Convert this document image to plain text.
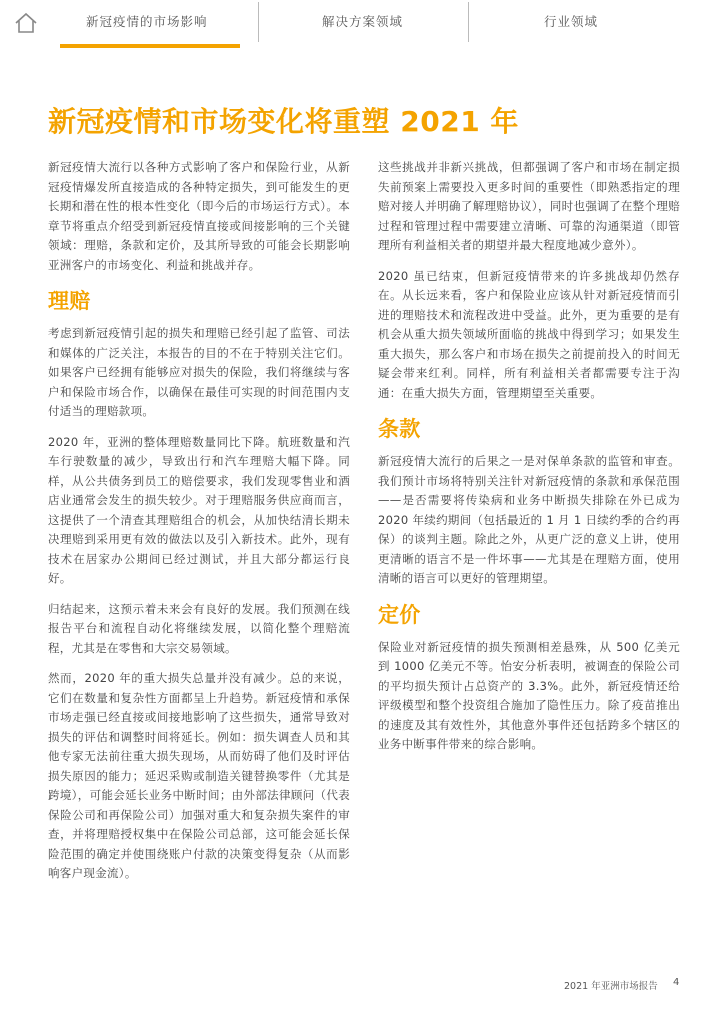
新冠疫情的市场影响	解决方案领域	行业领域
新冠疫情和市场变化将重塑 2021 年

新冠疫情大流行以各种方式影响了客户和保险行业，从新冠疫情爆发所直接造成的各种特定损失，到可能发生的更长期和潜在性的根本性变化（即今后的市场运行方式）。本章节将重点介绍受到新冠疫情直接或间接影响的三个关键领域：理赔，条款和定价，及其所导致的可能会长期影响亚洲客户的市场变化、利益和挑战并存。

理赔

考虑到新冠疫情引起的损失和理赔已经引起了监管、司法和媒体的广泛关注，本报告的目的不在于特别关注它们。如果客户已经拥有能够应对损失的保险，我们将继续与客户和保险市场合作，以确保在最佳可实现的时间范围内支付适当的理赔款项。

2020 年，亚洲的整体理赔数量同比下降。航班数量和汽车行驶数量的减少，导致出行和汽车理赔大幅下降。同样，从公共债务到员工的赔偿要求，我们发现零售业和酒店业通常会发生的损失较少。对于理赔服务供应商而言，这提供了一个清查其理赔组合的机会，从加快结清长期未决理赔到采用更有效的做法以及引入新技术。此外，现有技术在居家办公期间已经过测试，并且大部分都运行良好。

归结起来，这预示着未来会有良好的发展。我们预测在线报告平台和流程自动化将继续发展，以简化整个理赔流程，尤其是在零售和大宗交易领域。

然而，2020 年的重大损失总量并没有减少。总的来说，它们在数量和复杂性方面都呈上升趋势。新冠疫情和承保市场走强已经直接或间接地影响了这些损失，通常导致对损失的评估和调整时间将延长。例如：损失调查人员和其他专家无法前往重大损失现场，从而妨碍了他们及时评估损失原因的能力；延迟采购或制造关键替换零件（尤其是跨境），可能会延长业务中断时间；由外部法律顾问（代表保险公司和再保险公司）加强对重大和复杂损失案件的审查，并将理赔授权集中在保险公司总部，这可能会延长保险范围的确定并使围绕账户付款的决策变得复杂（从而影响客户现金流）。

这些挑战并非新兴挑战，但都强调了客户和市场在制定损失前预案上需要投入更多时间的重要性（即熟悉指定的理赔对接人并明确了解理赔协议），同时也强调了在整个理赔过程和管理过程中需要建立清晰、可靠的沟通渠道（即管理所有利益相关者的期望并最大程度地减少意外）。

2020 虽已结束，但新冠疫情带来的许多挑战却仍然存在。从长远来看，客户和保险业应该从针对新冠疫情而引进的理赔技术和流程改进中受益。此外，更为重要的是有机会从重大损失领域所面临的挑战中得到学习；如果发生重大损失，那么客户和市场在损失之前提前投入的时间无疑会带来红利。同样，所有利益相关者都需要专注于沟通：在重大损失方面，管理期望至关重要。

条款

新冠疫情大流行的后果之一是对保单条款的监管和审查。我们预计市场将特别关注针对新冠疫情的条款和承保范围——是否需要将传染病和业务中断损失排除在外已成为 2020 年续约期间（包括最近的 1 月 1 日续约季的合约再保）的谈判主题。除此之外，从更广泛的意义上讲，使用更清晰的语言不是一件坏事——尤其是在理赔方面，使用清晰的语言可以更好的管理期望。

定价

保险业对新冠疫情的损失预测相差悬殊，从 500 亿美元到 1000 亿美元不等。怡安分析表明，被调查的保险公司的平均损失预计占总资产的 3.3%。此外，新冠疫情还给评级模型和整个投资组合施加了隐性压力。除了疫苗推出的速度及其有效性外，其他意外事件还包括跨多个辖区的业务中断事件带来的综合影响。

2021 年亚洲市场报告 4
